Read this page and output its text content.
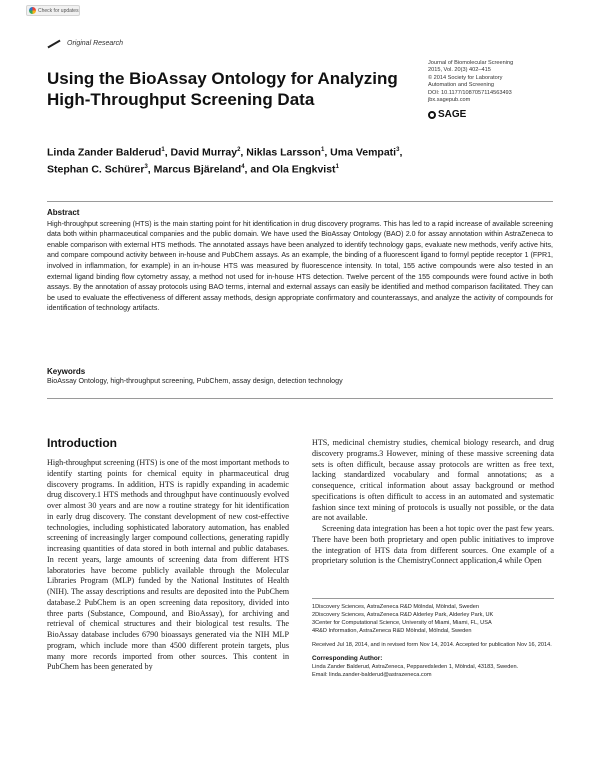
Check for updates
Original Research
Using the BioAssay Ontology for Analyzing High-Throughput Screening Data
Journal of Biomolecular Screening
2015, Vol. 20(3) 402–415
© 2014 Society for Laboratory
Automation and Screening
DOI: 10.1177/1087057114563493
jbx.sagepub.com
SAGE
Linda Zander Balderud$^1$, David Murray$^2$, Niklas Larsson$^1$, Uma Vempati$^3$,
Stephan C. Schürer$^3$, Marcus Bjäreland$^4$, and Ola Engkvist$^1$
Abstract

High-throughput screening (HTS) is the main starting point for hit identification in drug discovery programs. This has led to a rapid increase of available screening data both within pharmaceutical companies and the public domain. We have used the BioAssay Ontology (BAO) 2.0 for assay annotation within AstraZeneca to enable comparison with external HTS methods. The annotated assays have been analyzed to identify technology gaps, evaluate new methods, verify active hits, and compare compound activity between in-house and PubChem assays. As an example, the binding of a fluorescent ligand to formyl peptide receptor 1 (FPR1, involved in inflammation, for example) in an in-house HTS was measured by fluorescence intensity. In total, 155 active compounds were also tested in an external ligand binding flow cytometry assay, a method not used for in-house HTS detection. Twelve percent of the 155 compounds were found active in both assays. By the annotation of assay protocols using BAO terms, internal and external assays can easily be identified and method comparison facilitated. They can be used to evaluate the effectiveness of different assay methods, design appropriate confirmatory and counterassays, and analyze the activity of compounds for identification of technology artifacts.

Keywords

BioAssay Ontology, high-throughput screening, PubChem, assay design, detection technology

Introduction

High-throughput screening (HTS) is one of the most important methods to identify starting points for chemical equity in pharmaceutical drug discovery programs. In addition, HTS is rapidly expanding in academic drug discovery.1 HTS methods and throughput have continuously evolved over almost 30 years and are now a routine strategy for hit identification in early drug discovery. The constant development of new cost-effective technologies, including sophisticated laboratory automation, has enabled screening of increasingly larger compound collections, generating rapidly increasing quantities of data stored in both internal and public databases. In recent years, large amounts of screening data from different HTS laboratories have become publicly available through the Molecular Libraries Program (MLP) funded by the National Institutes of Health (NIH). The assay descriptions and results are deposited into the PubChem database.2 PubChem is an open screening data repository, divided into three parts (Substance, Compound, and BioAssay), for archiving and retrieval of chemical structures and their biological test results. The BioAssay database includes 6790 bioassays generated via the NIH MLP program, which include more than 4500 different protein targets, plus many more records imported from other sources. This content in PubChem has been generated by

HTS, medicinal chemistry studies, chemical biology research, and drug discovery programs.3 However, mining of these massive screening data sets is often difficult, because assay protocols are written as free text, lacking standardized vocabulary and formal annotations; as a consequence, critical information about assay background or method specifications is often difficult to access in an automated and systematic fashion since text mining of protocols is usually not possible, or the data are not available.

Screening data integration has been a hot topic over the past few years. There have been both proprietary and open public initiatives to improve the integration of HTS data from different sources. One example of a proprietary solution is the ChemistryConnect application,4 while Open

1Discovery Sciences, AstraZeneca R&D Mölndal, Mölndal, Sweden
2Discovery Sciences, AstraZeneca R&D Alderley Park, Alderley Park, UK
3Center for Computational Science, University of Miami, Miami, FL, USA
4R&D Information, AstraZeneca R&D Mölndal, Mölndal, Sweden
Received Jul 18, 2014, and in revised form Nov 14, 2014. Accepted for publication Nov 16, 2014.
Corresponding Author:
Linda Zander Balderud, AstraZeneca, Pepparedsleden 1, Mölndal, 43183, Sweden.
Email: linda.zander-balderud@astrazeneca.com
